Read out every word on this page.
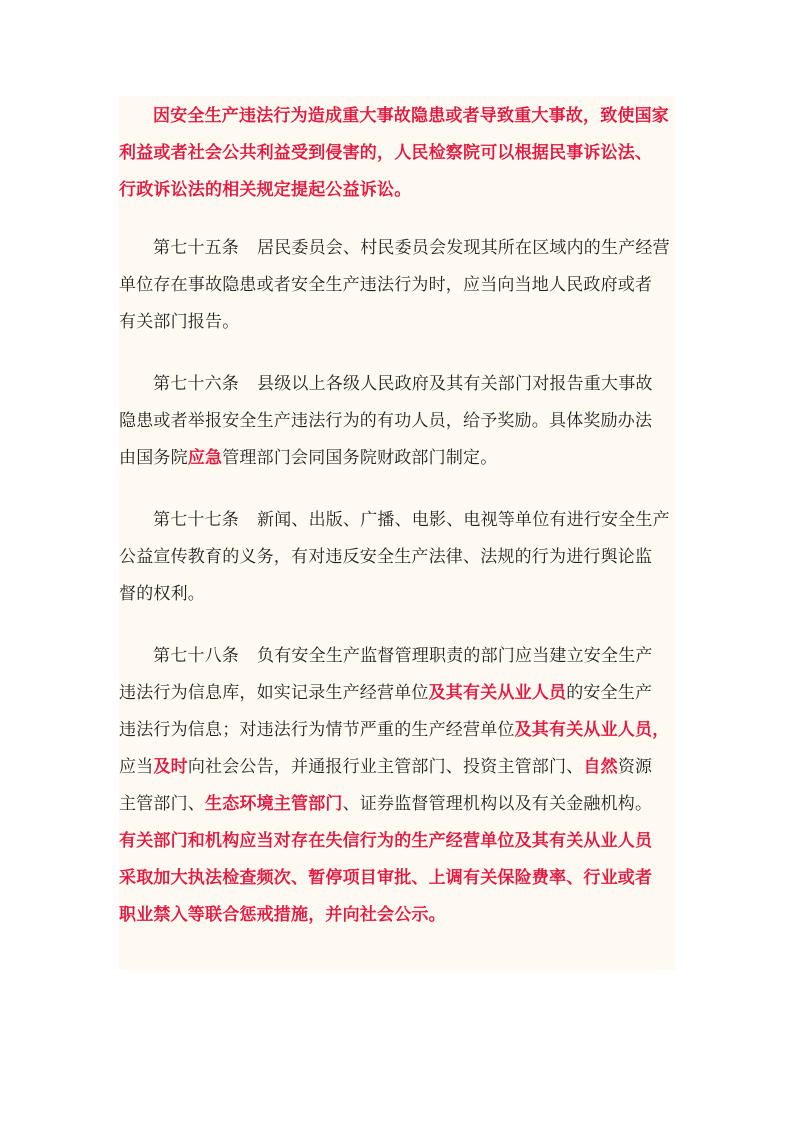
因安全生产违法行为造成重大事故隐患或者导致重大事故，致使国家
利益或者社会公共利益受到侵害的，人民检察院可以根据民事诉讼法、
行政诉讼法的相关规定提起公益诉讼。

第七十五条 居民委员会、村民委员会发现其所在区域内的生产经营
单位存在事故隐患或者安全生产违法行为时，应当向当地人民政府或者
有关部门报告。

第七十六条 县级以上各级人民政府及其有关部门对报告重大事故
隐患或者举报安全生产违法行为的有功人员，给予奖励。具体奖励办法
由国务院应急管理部门会同国务院财政部门制定。

第七十七条 新闻、出版、广播、电影、电视等单位有进行安全生产
公益宣传教育的义务，有对违反安全生产法律、法规的行为进行舆论监
督的权利。

第七十八条 负有安全生产监督管理职责的部门应当建立安全生产
违法行为信息库，如实记录生产经营单位及其有关从业人员的安全生产
违法行为信息；对违法行为情节严重的生产经营单位及其有关从业人员，
应当及时向社会公告，并通报行业主管部门、投资主管部门、自然资源
主管部门、生态环境主管部门、证券监督管理机构以及有关金融机构。
有关部门和机构应当对存在失信行为的生产经营单位及其有关从业人员
采取加大执法检查频次、暂停项目审批、上调有关保险费率、行业或者
职业禁入等联合惩戒措施，并向社会公示。
